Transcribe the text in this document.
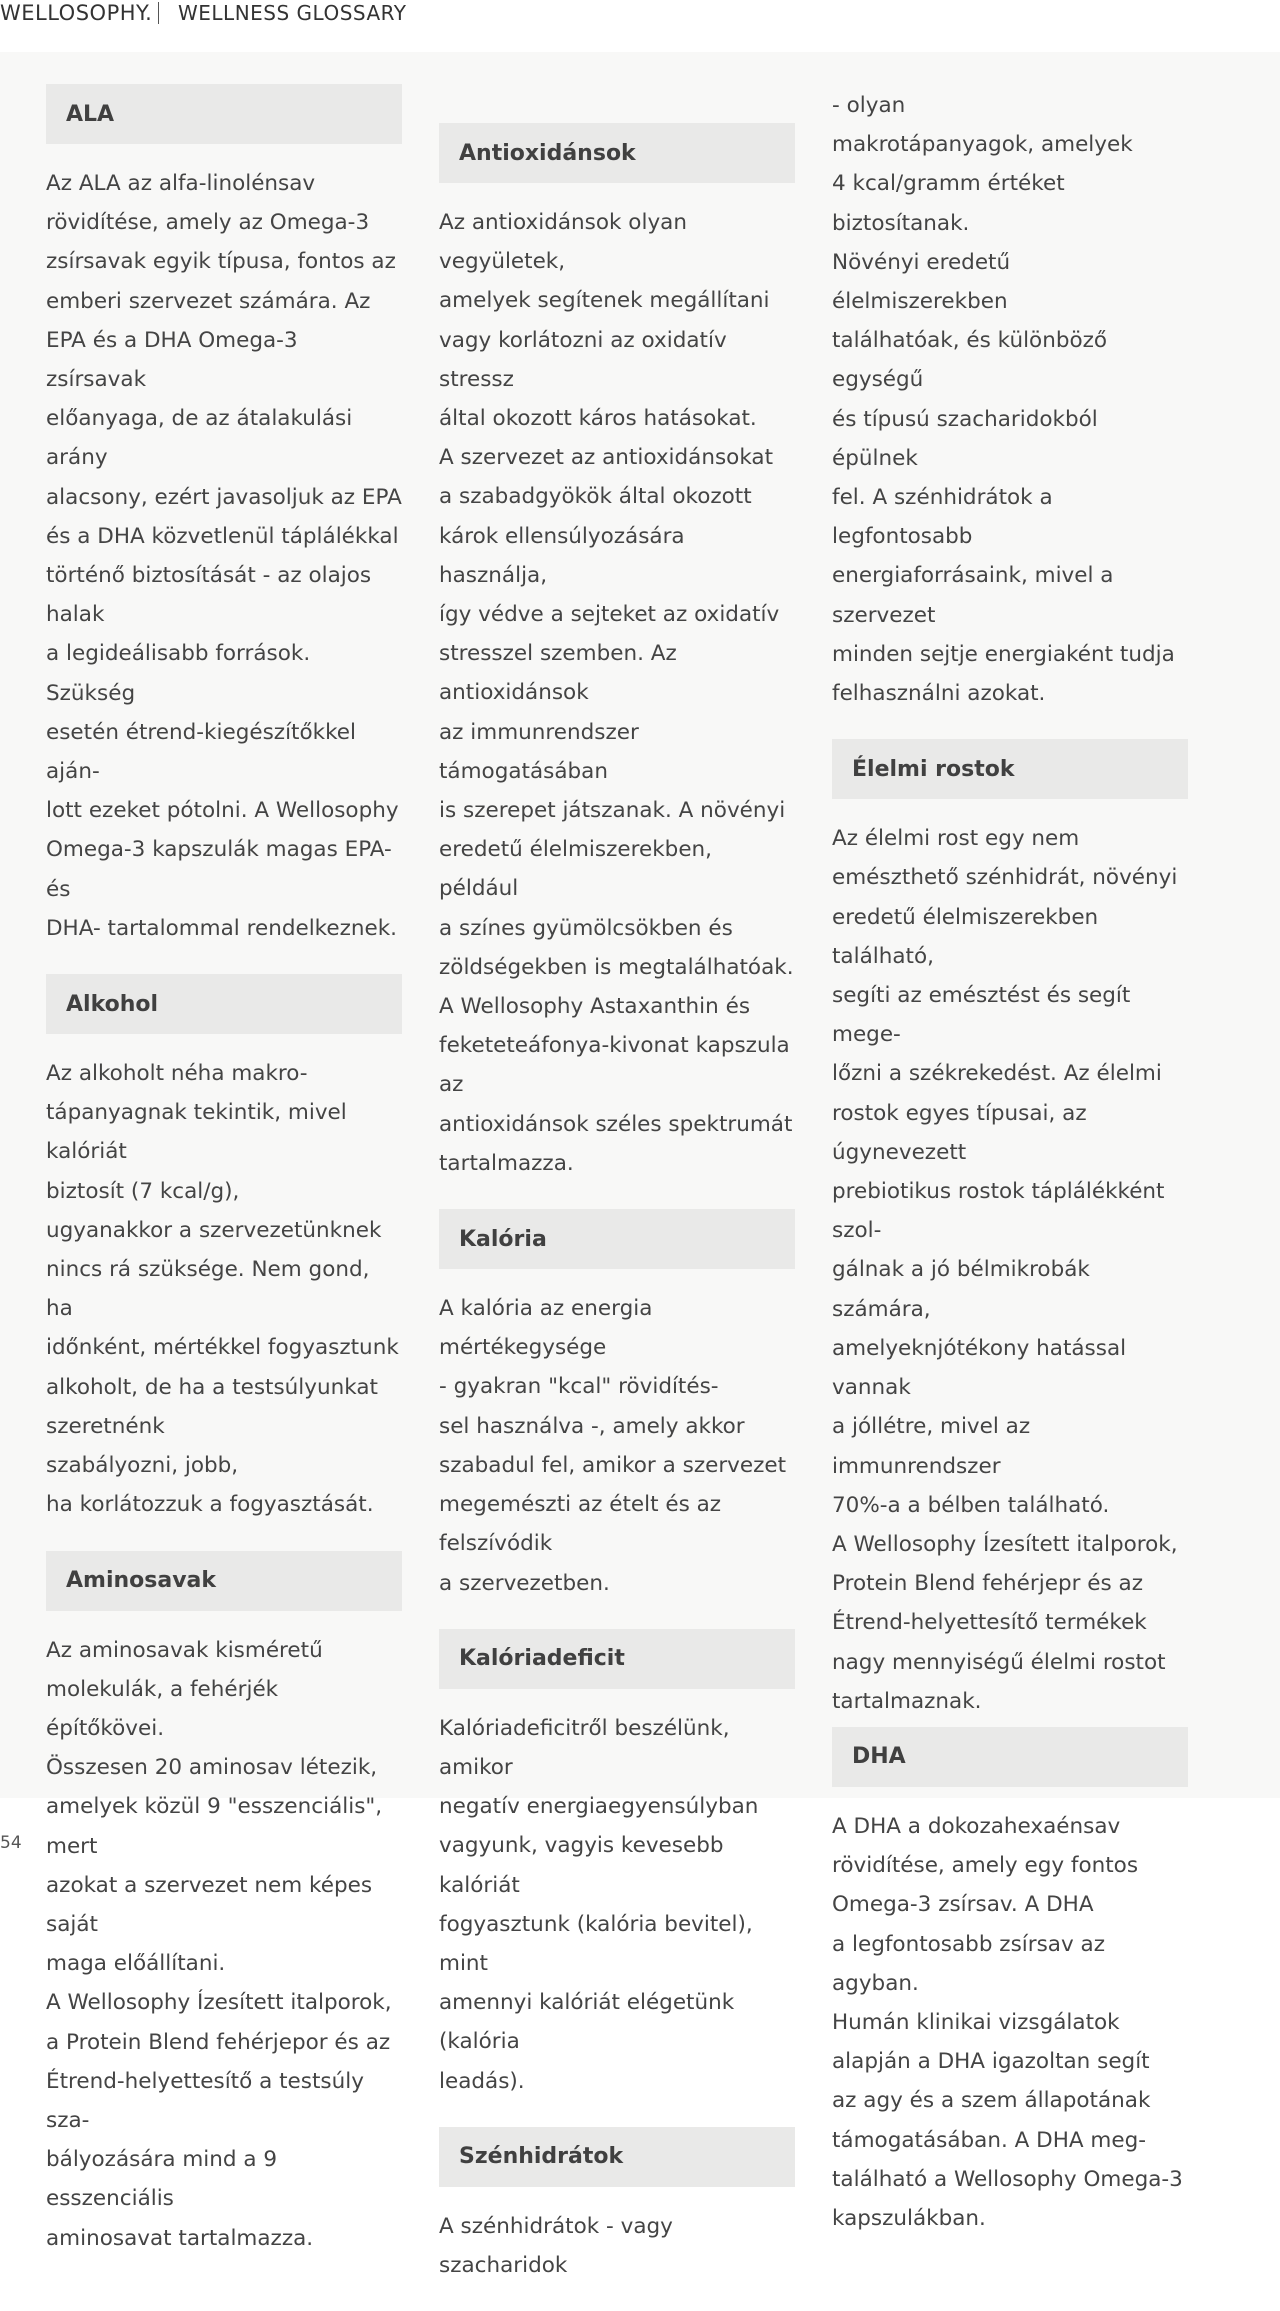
WELLOSOPHY. WELLNESS GLOSSARY
ALA
Az ALA az alfa-linolénsav
rövidítése, amely az Omega-3
zsírsavak egyik típusa, fontos az
emberi szervezet számára. Az
EPA és a DHA Omega-3 zsírsavak
előanyaga, de az átalakulási arány
alacsony, ezért javasoljuk az EPA
és a DHA közvetlenül táplálékkal
történő biztosítását - az olajos halak
a legideálisabb források. Szükség
esetén étrend-kiegészítőkkel aján-
lott ezeket pótolni. A Wellosophy
Omega-3 kapszulák magas EPA- és
DHA- tartalommal rendelkeznek.
Alkohol
Az alkoholt néha makro-
tápanyagnak tekintik, mivel kalóriát
biztosít (7 kcal/g),
ugyanakkor a szervezetünknek
nincs rá szüksége. Nem gond, ha
időnként, mértékkel fogyasztunk
alkoholt, de ha a testsúlyunkat
szeretnénk
szabályozni, jobb,
ha korlátozzuk a fogyasztását.
Aminosavak
Az aminosavak kisméretű
molekulák, a fehérjék építőkövei.
Összesen 20 aminosav létezik,
amelyek közül 9 "esszenciális", mert
azokat a szervezet nem képes saját
maga előállítani.
A Wellosophy Ízesített italporok,
a Protein Blend fehérjepor és az
Étrend-helyettesítő a testsúly sza-
bályozására mind a 9 esszenciális
aminosavat tartalmazza.
Antioxidánsok
Az antioxidánsok olyan vegyületek,
amelyek segítenek megállítani
vagy korlátozni az oxidatív stressz
által okozott káros hatásokat.
A szervezet az antioxidánsokat
a szabadgyökök által okozott
károk ellensúlyozására használja,
így védve a sejteket az oxidatív
stresszel szemben. Az antioxidánsok
az immunrendszer támogatásában
is szerepet játszanak. A növényi
eredetű élelmiszerekben, például
a színes gyümölcsökben és
zöldségekben is megtalálhatóak.
A Wellosophy Astaxanthin és
feketeteáfonya-kivonat kapszula az
antioxidánsok széles spektrumát
tartalmazza.
Kalória
A kalória az energia mértékegysége
- gyakran "kcal" rövidítés-
sel használva -, amely akkor
szabadul fel, amikor a szervezet
megemészti az ételt és az felszívódik
a szervezetben.
Kalóriadeficit
Kalóriadeficitről beszélünk, amikor
negatív energiaegyensúlyban
vagyunk, vagyis kevesebb kalóriát
fogyasztunk (kalória bevitel), mint
amennyi kalóriát elégetünk (kalória
leadás).
Szénhidrátok
A szénhidrátok - vagy szacharidok
- olyan
makrotápanyagok, amelyek
4 kcal/gramm értéket biztosítanak.
Növényi eredetű élelmiszerekben
találhatóak, és különböző egységű
és típusú szacharidokból épülnek
fel. A szénhidrátok a legfontosabb
energiaforrásaink, mivel a szervezet
minden sejtje energiaként tudja
felhasználni azokat.
Élelmi rostok
Az élelmi rost egy nem
emészthető szénhidrát, növényi
eredetű élelmiszerekben található,
segíti az emésztést és segít mege-
lőzni a székrekedést. Az élelmi
rostok egyes típusai, az úgynevezett
prebiotikus rostok táplálékként szol-
gálnak a jó bélmikrobák számára,
amelyeknjótékony hatással vannak
a jóllétre, mivel az immunrendszer
70%-a a bélben található.
A Wellosophy Ízesített italporok,
Protein Blend fehérjepr és az
Étrend-helyettesítő termékek
nagy mennyiségű élelmi rostot
tartalmaznak.
DHA
A DHA a dokozahexaénsav
rövidítése, amely egy fontos
Omega-3 zsírsav. A DHA
a legfontosabb zsírsav az agyban.
Humán klinikai vizsgálatok
alapján a DHA igazoltan segít
az agy és a szem állapotának
támogatásában. A DHA meg-
található a Wellosophy Omega-3
kapszulákban.
54
